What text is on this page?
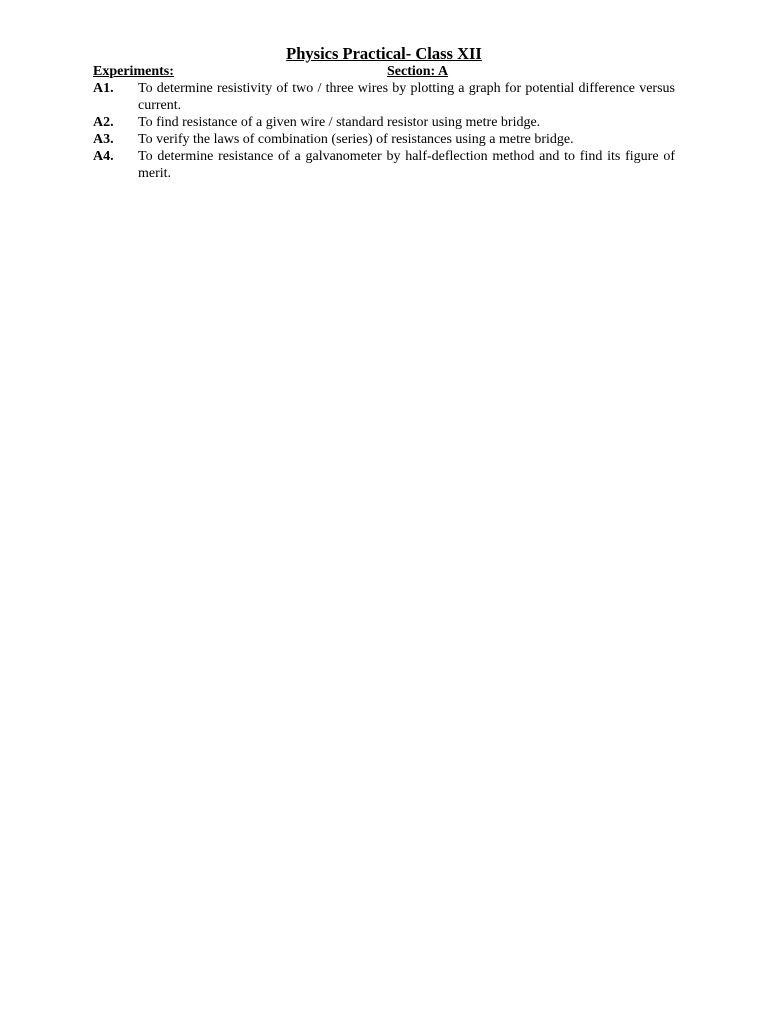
Physics Practical- Class XII
Experiments:	Section: A
A1.	To determine resistivity of two / three wires by plotting a graph for potential difference versus current.
A2.	To find resistance of a given wire / standard resistor using metre bridge.
A3.	To verify the laws of combination (series) of resistances using a metre bridge.
A4.	To determine resistance of a galvanometer by half-deflection method and to find its figure of merit.
